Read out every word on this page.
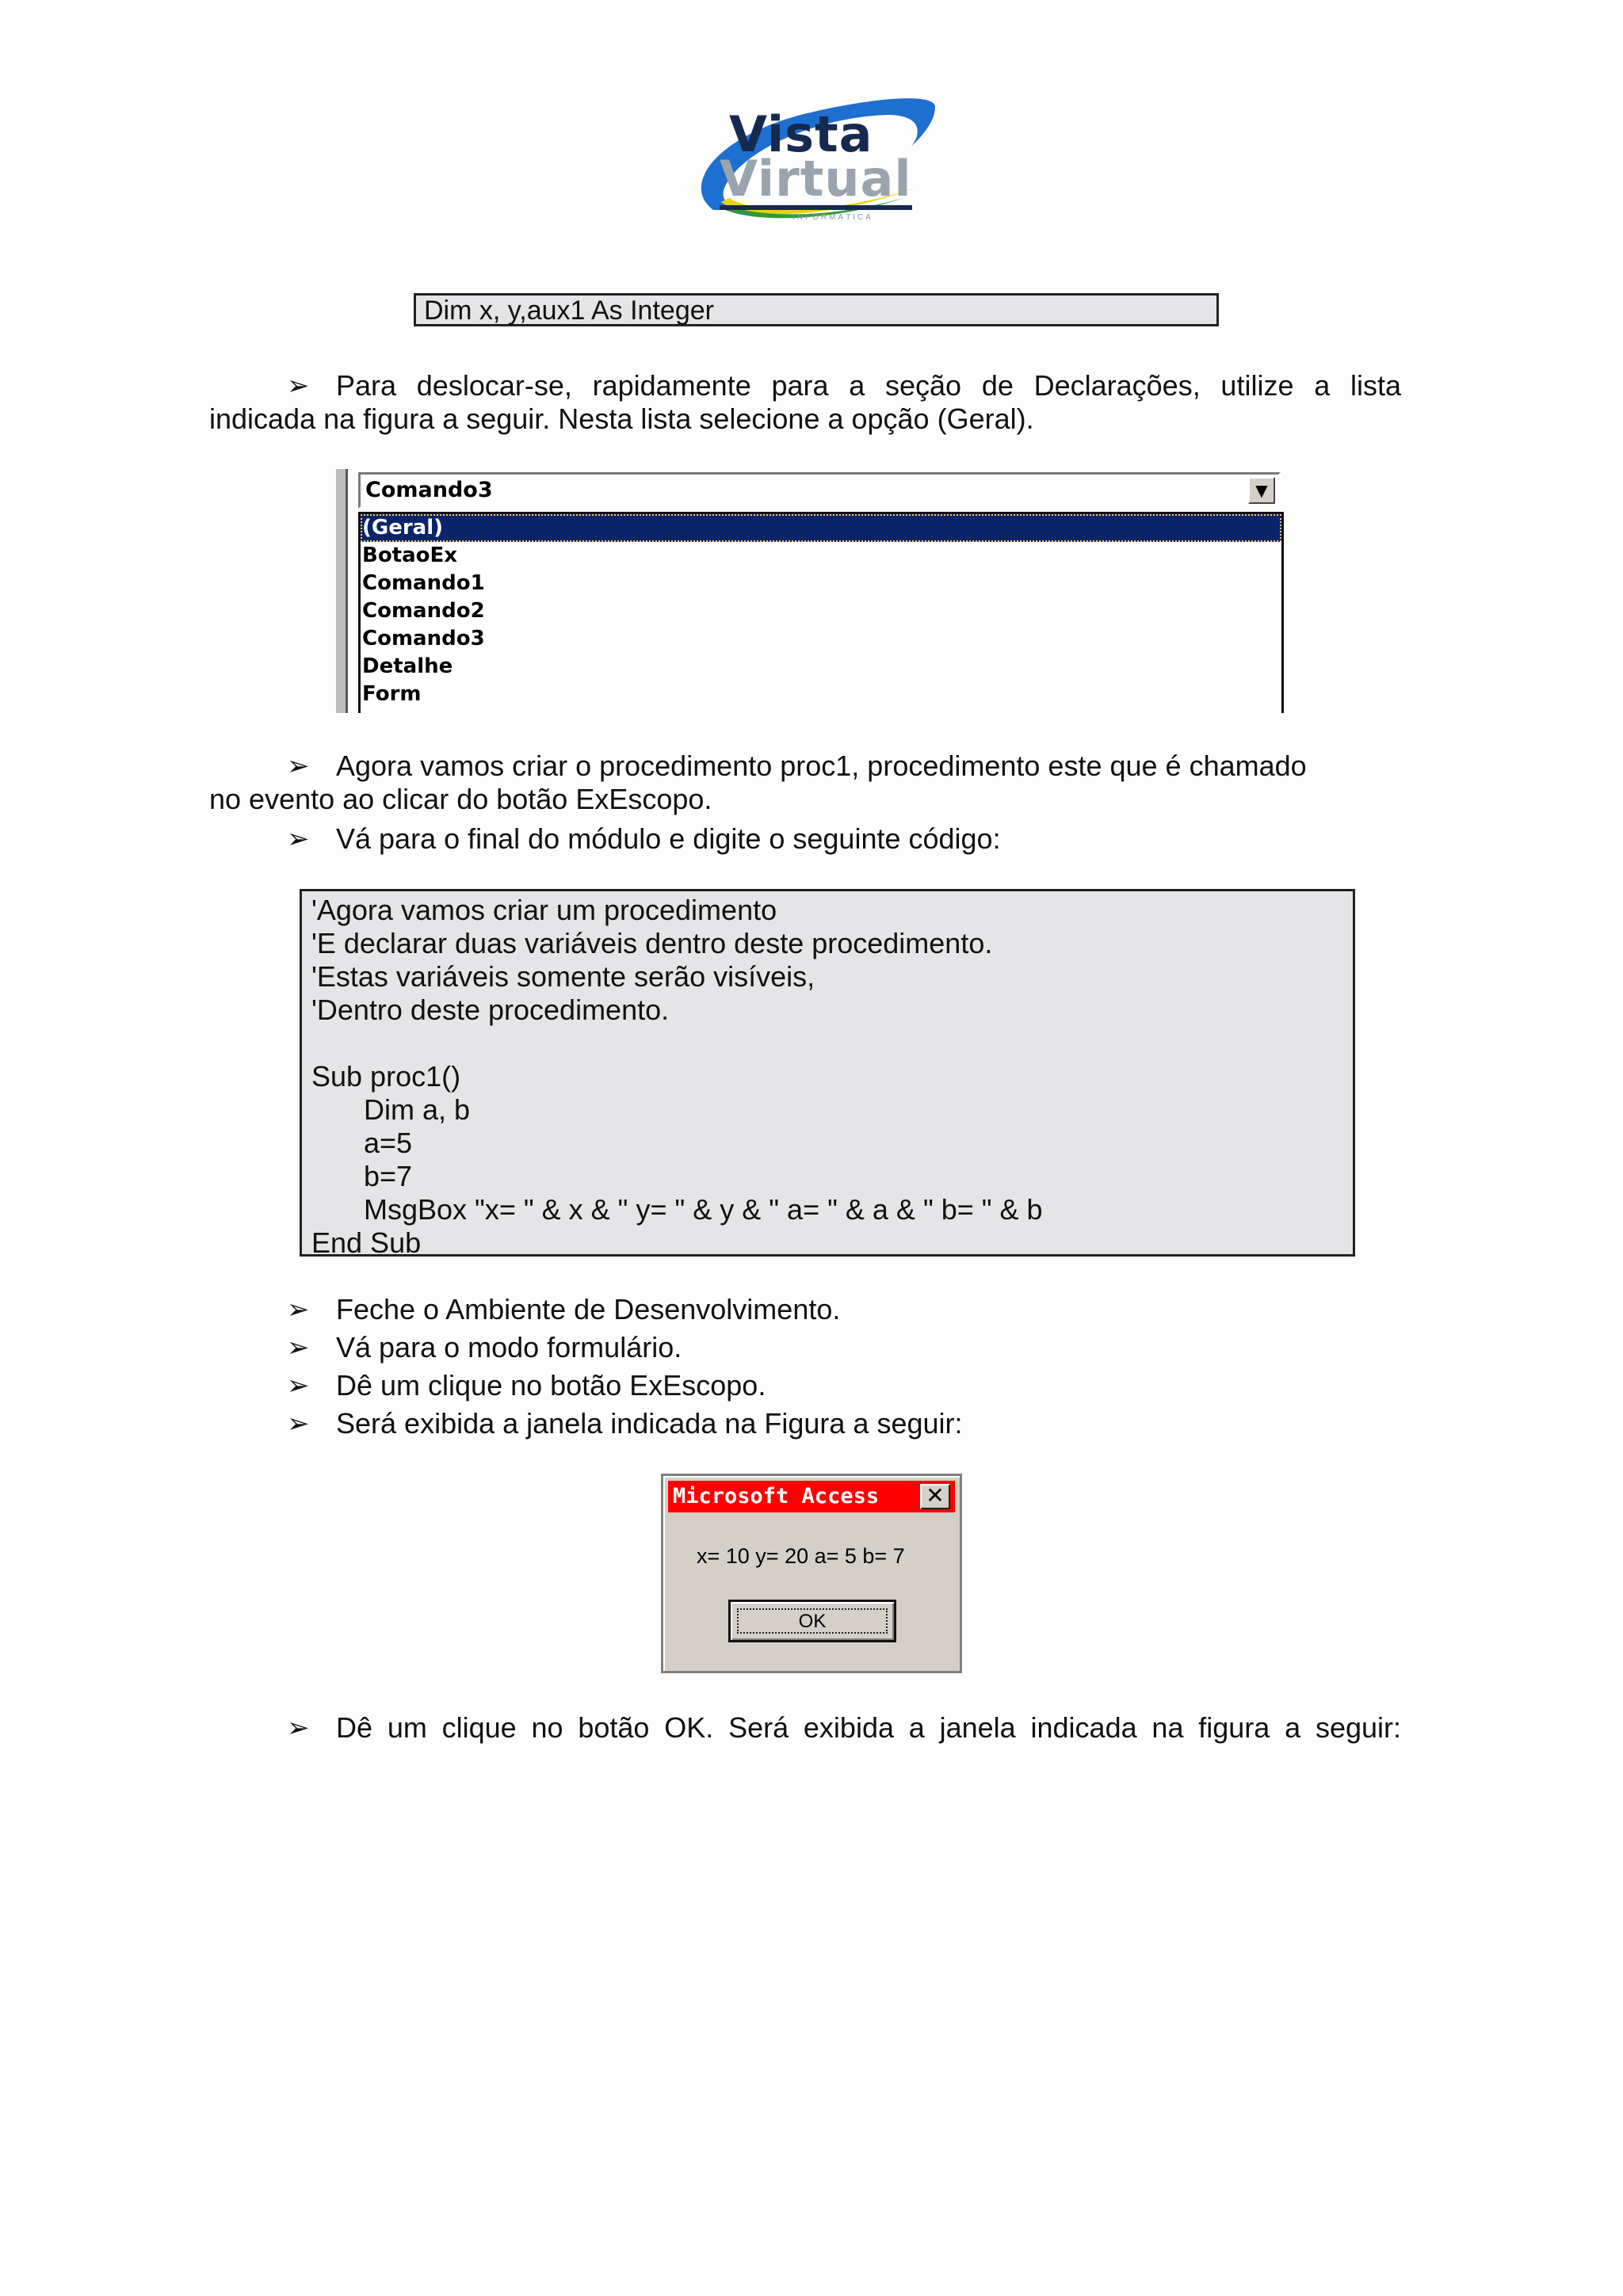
Vista
Virtual
INFORMÁTICA
Dim x, y,aux1 As Integer
➢ Para deslocar-se, rapidamente para a seção de Declarações, utilize a lista
indicada na figura a seguir. Nesta lista selecione a opção (Geral).
Comando3	▼
(Geral)
BotaoEx
Comando1
Comando2
Comando3
Detalhe
Form
➢ Agora vamos criar o procedimento proc1, procedimento este que é chamado
no evento ao clicar do botão ExEscopo.
➢ Vá para o final do módulo e digite o seguinte código:
'Agora vamos criar um procedimento
'E declarar duas variáveis dentro deste procedimento.
'Estas variáveis somente serão visíveis,
'Dentro deste procedimento.
Sub proc1()
Dim a, b
a=5
b=7
MsgBox "x= " & x & " y= " & y & " a= " & a & " b= " & b
End Sub
➢ Feche o Ambiente de Desenvolvimento.
➢ Vá para o modo formulário.
➢ Dê um clique no botão ExEscopo.
➢ Será exibida a janela indicada na Figura a seguir:
Microsoft Access ✕
x= 10 y= 20 a= 5 b= 7
OK
➢ Dê um clique no botão OK. Será exibida a janela indicada na figura a seguir:
